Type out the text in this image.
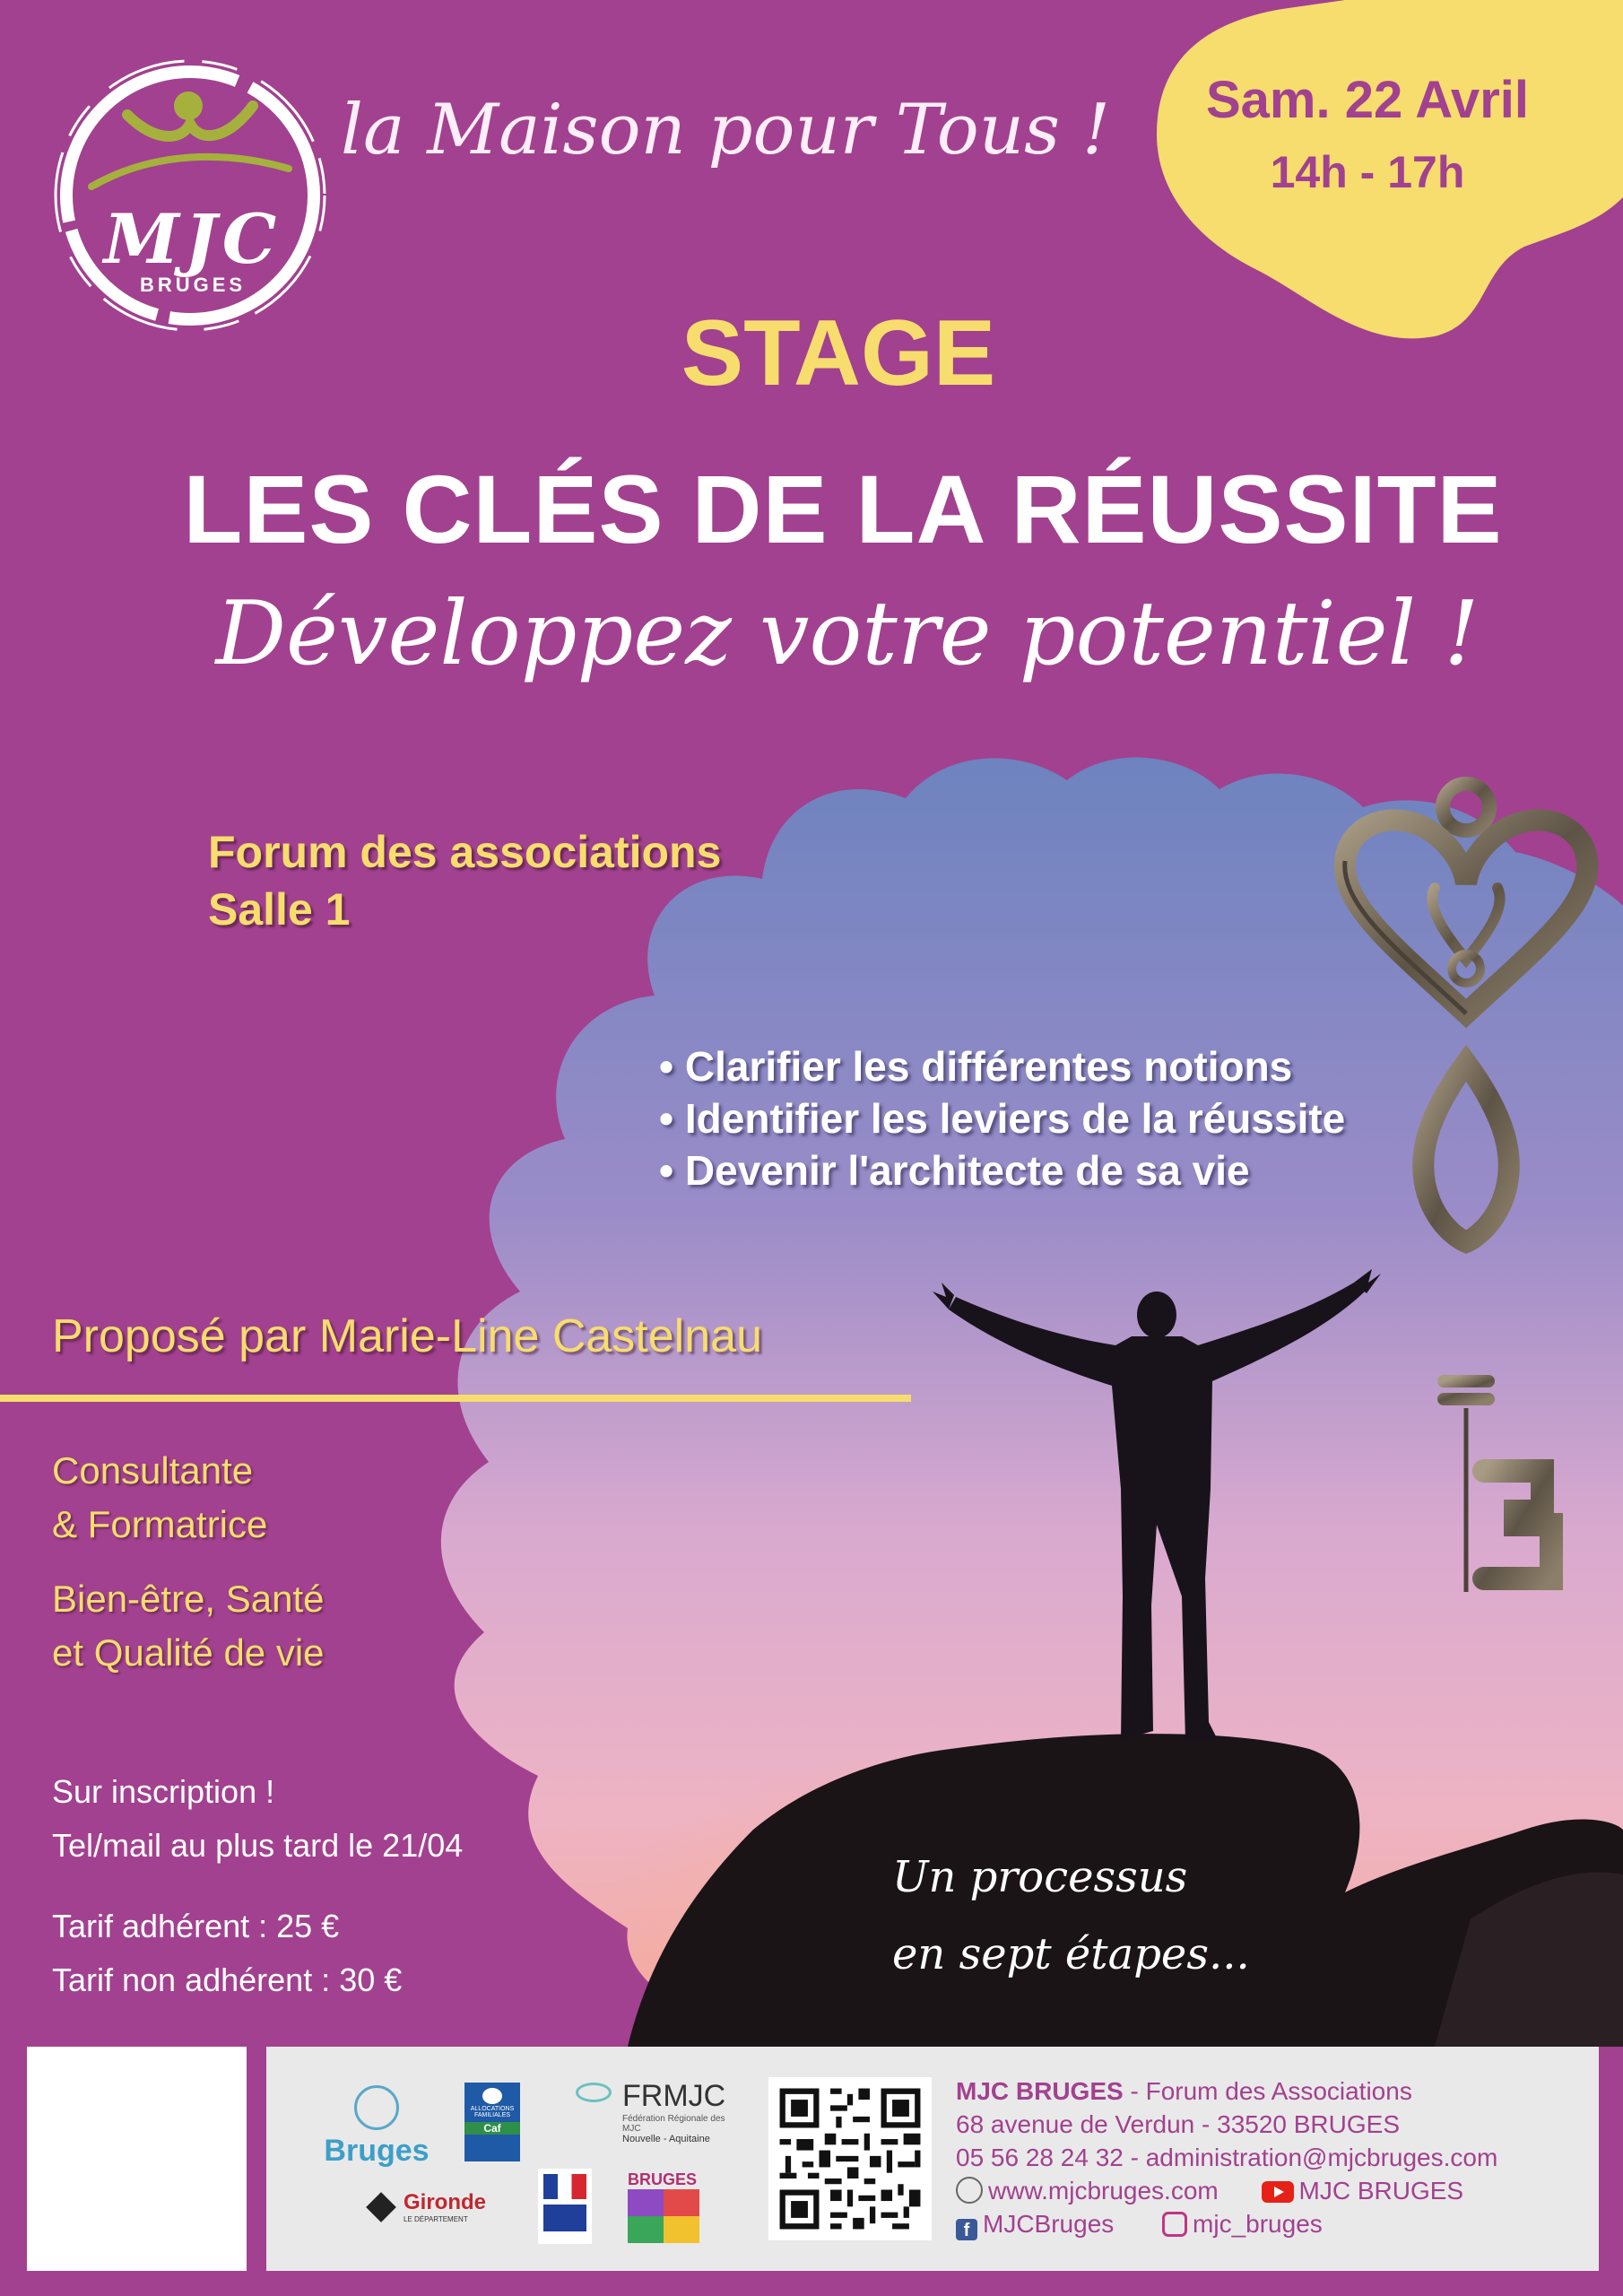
MJC
BRUGES
la Maison pour Tous !	Sam. 22 Avril
14h - 17h
STAGE
LES CLÉS DE LA RÉUSSITE
Développez votre potentiel !
Forum des associations
Salle 1
• Clarifier les différentes notions
• Identifier les leviers de la réussite
• Devenir l'architecte de sa vie
Proposé par Marie-Line Castelnau
Consultante
& Formatrice
Bien-être, Santé
et Qualité de vie
Sur inscription !
Tel/mail au plus tard le 21/04
Tarif adhérent : 25 €
Tarif non adhérent : 30 €
Un processus
en sept étapes...
Bruges
ALLOCATIONS
FAMILIALES
Caf
FRMJC
Fédération Régionale des MJC
Nouvelle - Aquitaine
Gironde
LE DÉPARTEMENT
BRUGES
MJC BRUGES - Forum des Associations
68 avenue de Verdun - 33520 BRUGES
05 56 28 24 32 - administration@mjcbruges.com
www.mjcbruges.com	MJC BRUGES
f MJCBruges	mjc_bruges
